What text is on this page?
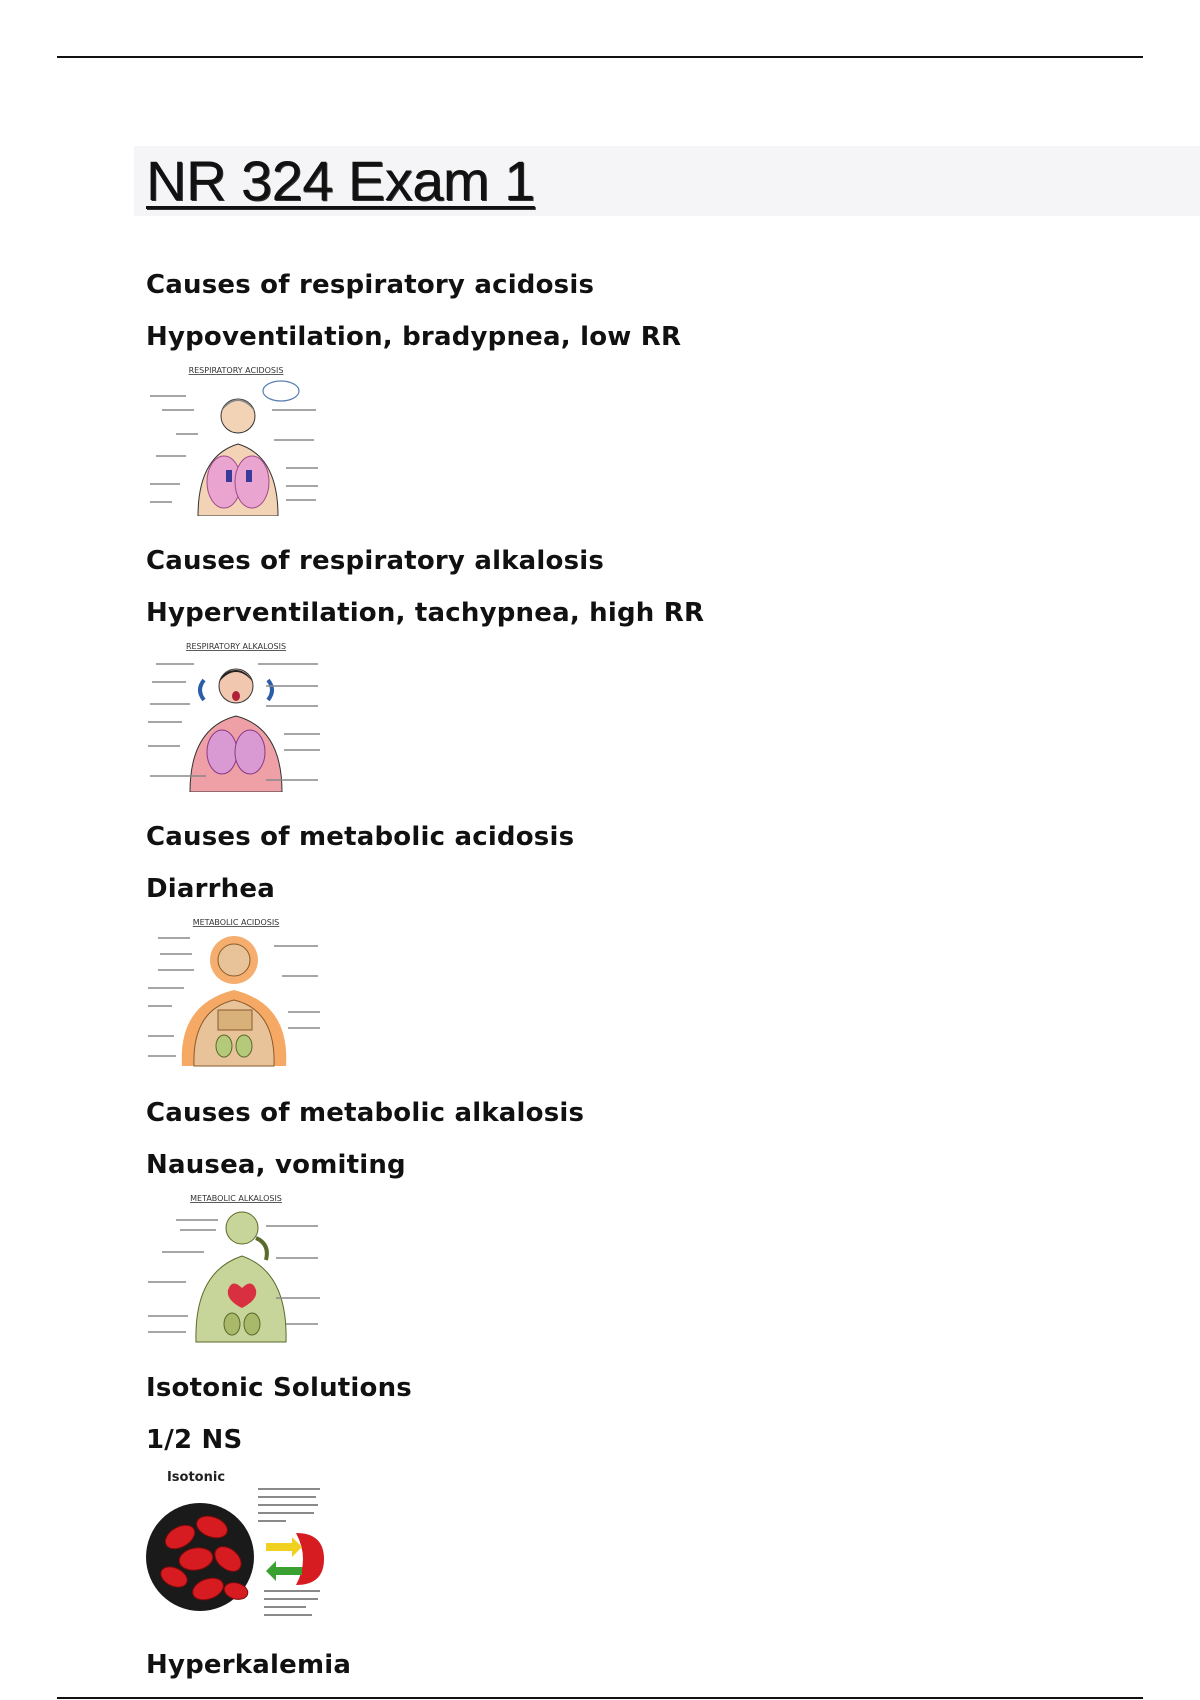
NR 324 Exam 1

Causes of respiratory acidosis

Hypoventilation, bradypnea, low RR

RESPIRATORY ACIDOSIS

Causes of respiratory alkalosis

Hyperventilation, tachypnea, high RR

RESPIRATORY ALKALOSIS

Causes of metabolic acidosis

Diarrhea

METABOLIC ACIDOSIS

Causes of metabolic alkalosis

Nausea, vomiting

METABOLIC ALKALOSIS

Isotonic Solutions

1/2 NS

Isotonic

Hyperkalemia
